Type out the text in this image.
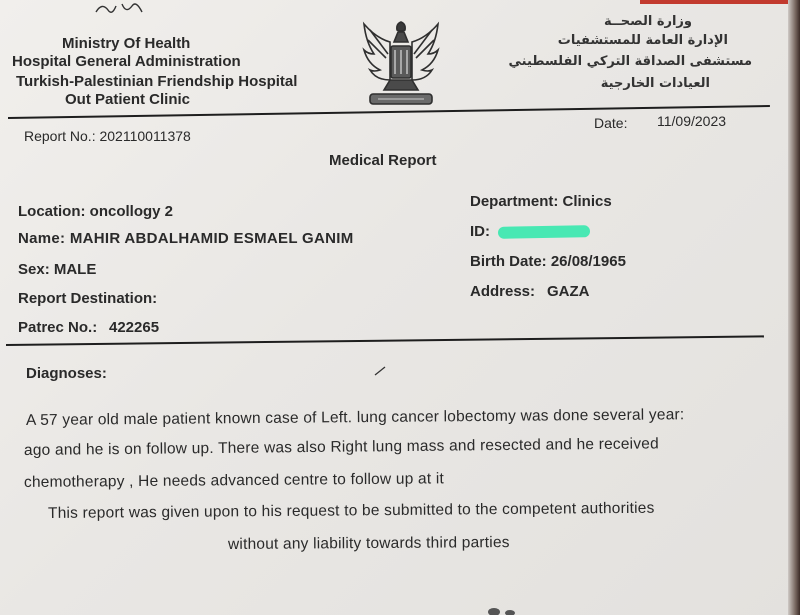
Ministry Of Health
Hospital General Administration
Turkish-Palestinian Friendship Hospital
Out Patient Clinic
وزارة الصحــة
الإدارة العامة للمستشفيات
مستشفى الصداقة التركي الفلسطيني
العيادات الخارجية
Report No.: 202110011378
Date: 11/09/2023
Medical Report
Location: oncollogy 2
Name: MAHIR ABDALHAMID ESMAEL GANIM
Sex: MALE
Report Destination:
Patrec No.: 422265
Department: Clinics
ID:
Birth Date: 26/08/1965
Address: GAZA
Diagnoses:
A 57 year old male patient known case of Left. lung cancer lobectomy was done several year:
ago and he is on follow up. There was also Right lung mass and resected and he received
chemotherapy , He needs advanced centre to follow up at it
This report was given upon to his request to be submitted to the competent authorities
without any liability towards third parties
